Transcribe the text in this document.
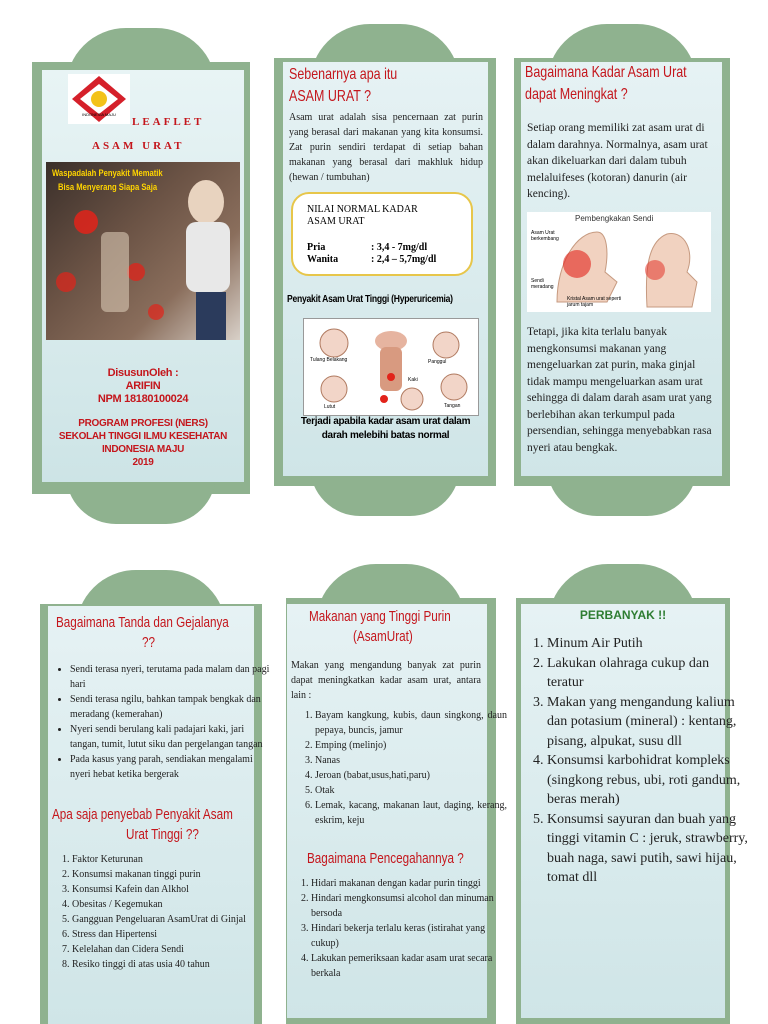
INDONESIA MAJU
LEAFLET
ASAM URAT
Waspadalah Penyakit Mematik
Bisa Menyerang Siapa Saja
DisusunOleh :
ARIFIN
NPM 18180100024
PROGRAM PROFESI (NERS)
SEKOLAH TINGGI ILMU KESEHATAN
INDONESIA MAJU
2019
Sebenarnya apa itu
ASAM URAT ?
Asam urat adalah sisa pencernaan zat purin yang berasal dari makanan yang kita konsumsi. Zat purin sendiri terdapat di setiap bahan makanan yang berasal dari makhluk hidup (hewan / tumbuhan)
NILAI NORMAL KADAR
ASAM URAT
Pria	: 3,4 - 7mg/dl
Wanita	: 2,4 – 5,7mg/dl
Penyakit Asam Urat Tinggi (Hyperuricemia)
Tulang Belakang	Panggul
Kaki
Lutut	Tangan
Terjadi apabila kadar asam urat dalam
darah melebihi batas normal
Bagaimana Kadar Asam Urat
dapat Meningkat ?
Setiap orang memiliki zat asam urat di dalam darahnya. Normalnya, asam urat akan dikeluarkan dari dalam tubuh melaluifeses (kotoran) danurin (air kencing).
Pembengkakan Sendi
Asam Urat berkembang
Sendi meradang
Kristal Asam urat seperti jarum tajam
Tetapi, jika kita terlalu banyak mengkonsumsi makanan yang mengeluarkan zat purin, maka ginjal tidak mampu mengeluarkan asam urat sehingga di dalam darah asam urat yang berlebihan akan terkumpul pada persendian, sehingga menyebabkan rasa nyeri atau bengkak.
Bagaimana Tanda dan Gejalanya
??
• Sendi terasa nyeri, terutama pada malam dan pagi hari
• Sendi terasa ngilu, bahkan tampak bengkak dan meradang (kemerahan)
• Nyeri sendi berulang kali padajari kaki, jari tangan, tumit, lutut siku dan pergelangan tangan
• Pada kasus yang parah, sendiakan mengalami nyeri hebat ketika bergerak
Apa saja penyebab Penyakit Asam
Urat Tinggi ??
1. Faktor Keturunan
2. Konsumsi makanan tinggi purin
3. Konsumsi Kafein dan Alkhol
4. Obesitas / Kegemukan
5. Gangguan Pengeluaran AsamUrat di Ginjal
6. Stress dan Hipertensi
7. Kelelahan dan Cidera Sendi
8. Resiko tinggi di atas usia 40 tahun
Makanan yang Tinggi Purin
(AsamUrat)
Makan yang mengandung banyak zat purin dapat meningkatkan kadar asam urat, antara lain :
1. Bayam kangkung, kubis, daun singkong, daun pepaya, buncis, jamur
2. Emping (melinjo)
3. Nanas
4. Jeroan (babat,usus,hati,paru)
5. Otak
6. Lemak, kacang, makanan laut, daging, kerang, eskrim, keju
Bagaimana Pencegahannya ?
1. Hidari makanan dengan kadar purin tinggi
2. Hindari mengkonsumsi alcohol dan minuman bersoda
3. Hindari bekerja terlalu keras (istirahat yang cukup)
4. Lakukan pemeriksaan kadar asam urat secara berkala
PERBANYAK !!
1. Minum Air Putih
2. Lakukan olahraga cukup dan teratur
3. Makan yang mengandung kalium dan potasium (mineral) : kentang, pisang, alpukat, susu dll
4. Konsumsi karbohidrat kompleks (singkong rebus, ubi, roti gandum, beras merah)
5. Konsumsi sayuran dan buah yang tinggi vitamin C : jeruk, strawberry, buah naga, sawi putih, sawi hijau, tomat dll
